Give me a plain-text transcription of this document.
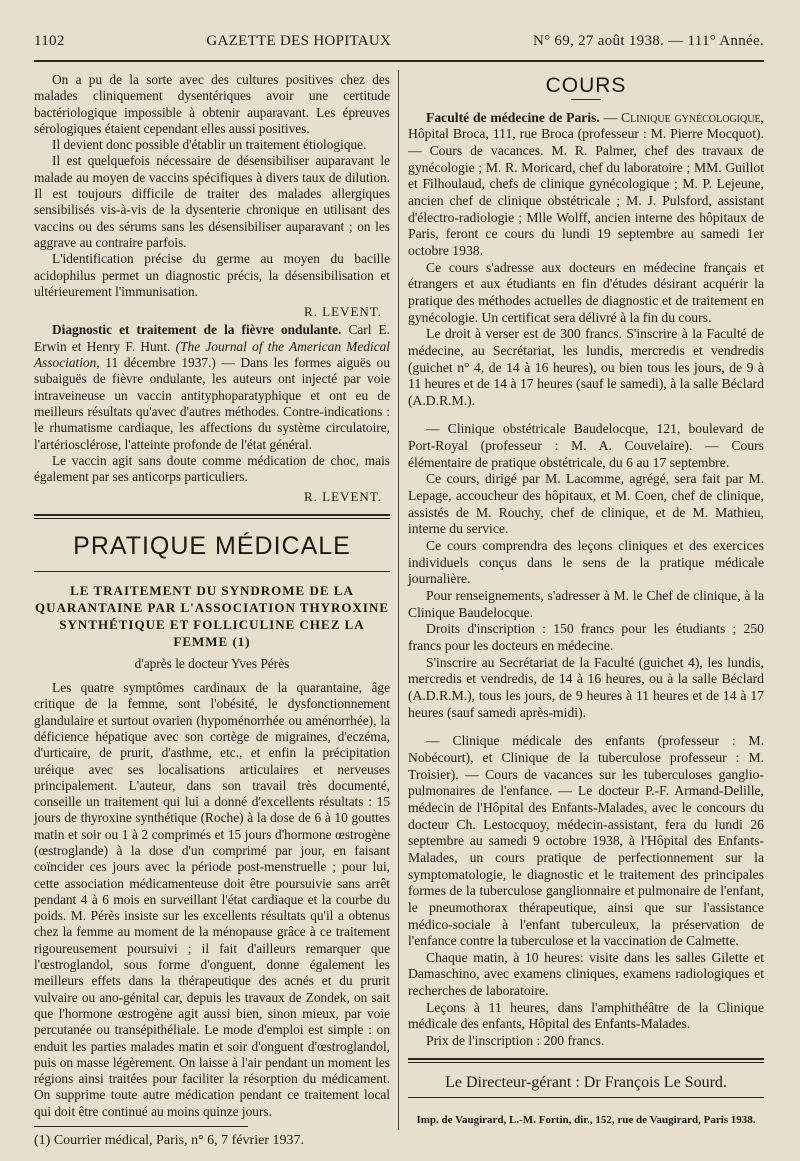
1102	GAZETTE DES HOPITAUX	N° 69, 27 août 1938. — 111° Année.

On a pu de la sorte avec des cultures positives chez des malades cliniquement dysentériques avoir une certitude bactériologique impossible à obtenir auparavant. Les épreuves sérologiques étaient cependant elles aussi positives.

Il devient donc possible d'établir un traitement étiologique.

Il est quelquefois nécessaire de désensibiliser auparavant le malade au moyen de vaccins spécifiques à divers taux de dilution. Il est toujours difficile de traiter des malades allergiques sensibilisés vis-à-vis de la dysenterie chronique en utilisant des vaccins ou des sérums sans les désensibiliser auparavant ; on les aggrave au contraire parfois.

L'identification précise du germe au moyen du bacille acidophilus permet un diagnostic précis, la désensibilisation et ultérieurement l'immunisation.

R. LEVENT.

Diagnostic et traitement de la fièvre ondulante. Carl E. Erwin et Henry F. Hunt. (The Journal of the American Medical Association, 11 décembre 1937.) — Dans les formes aiguës ou subaiguës de fièvre ondulante, les auteurs ont injecté par voie intraveineuse un vaccin antityphoparatyphique et ont eu de meilleurs résultats qu'avec d'autres méthodes. Contre-indications : le rhumatisme cardiaque, les affections du système circulatoire, l'artériosclérose, l'atteinte profonde de l'état général.

Le vaccin agit sans doute comme médication de choc, mais également par ses anticorps particuliers.

R. LEVENT.
PRATIQUE MÉDICALE
LE TRAITEMENT DU SYNDROME DE LA QUARANTAINE PAR L'ASSOCIATION THYROXINE SYNTHÉTIQUE ET FOLLICULINE CHEZ LA FEMME (1)
d'après le docteur Yves Pérès

Les quatre symptômes cardinaux de la quarantaine, âge critique de la femme, sont l'obésité, le dysfonctionnement glandulaire et surtout ovarien (hypoménorrhée ou aménorrhée), la déficience hépatique avec son cortège de migraines, d'eczéma, d'urticaire, de prurit, d'asthme, etc., et enfin la précipitation uréique avec ses localisations articulaires et nerveuses principalement. L'auteur, dans son travail très documenté, conseille un traitement qui lui a donné d'excellents résultats : 15 jours de thyroxine synthétique (Roche) à la dose de 6 à 10 gouttes matin et soir ou 1 à 2 comprimés et 15 jours d'hormone œstrogène (œstroglande) à la dose d'un comprimé par jour, en faisant coïncider ces jours avec la période post-menstruelle ; pour lui, cette association médicamenteuse doit être poursuivie sans arrêt pendant 4 à 6 mois en surveillant l'état cardiaque et la courbe du poids. M. Pérès insiste sur les excellents résultats qu'il a obtenus chez la femme au moment de la ménopause grâce à ce traitement rigoureusement poursuivi ; il fait d'ailleurs remarquer que l'œstroglandol, sous forme d'onguent, donne également les meilleurs effets dans la thérapeutique des acnés et du prurit vulvaire ou ano-génital car, depuis les travaux de Zondek, on sait que l'hormone œstrogène agit aussi bien, sinon mieux, par voie percutanée ou transépithéliale. Le mode d'emploi est simple : on enduit les parties malades matin et soir d'onguent d'œstroglandol, puis on masse légèrement. On laisse à l'air pendant un moment les régions ainsi traitées pour faciliter la résorption du médicament. On supprime toute autre médication pendant ce traitement local qui doit être continué au moins quinze jours.

(1) Courrier médical, Paris, n° 6, 7 février 1937.
COURS

Faculté de médecine de Paris. — Clinique gynécologique, Hôpital Broca, 111, rue Broca (professeur : M. Pierre Mocquot). — Cours de vacances. M. R. Palmer, chef des travaux de gynécologie ; M. R. Moricard, chef du laboratoire ; MM. Guillot et Filhoulaud, chefs de clinique gynécologique ; M. P. Lejeune, ancien chef de clinique obstétricale ; M. J. Pulsford, assistant d'électro-radiologie ; Mlle Wolff, ancien interne des hôpitaux de Paris, feront ce cours du lundi 19 septembre au samedi 1er octobre 1938.

Ce cours s'adresse aux docteurs en médecine français et étrangers et aux étudiants en fin d'études désirant acquérir la pratique des méthodes actuelles de diagnostic et de traitement en gynécologie. Un certificat sera délivré à la fin du cours.

Le droit à verser est de 300 francs. S'inscrire à la Faculté de médecine, au Secrétariat, les lundis, mercredis et vendredis (guichet n° 4, de 14 à 16 heures), ou bien tous les jours, de 9 à 11 heures et de 14 à 17 heures (sauf le samedi), à la salle Béclard (A.D.R.M.).

— Clinique obstétricale Baudelocque, 121, boulevard de Port-Royal (professeur : M. A. Couvelaire). — Cours élémentaire de pratique obstétricale, du 6 au 17 septembre.

Ce cours, dirigé par M. Lacomme, agrégé, sera fait par M. Lepage, accoucheur des hôpitaux, et M. Coen, chef de clinique, assistés de M. Rouchy, chef de clinique, et de M. Mathieu, interne du service.

Ce cours comprendra des leçons cliniques et des exercices individuels conçus dans le sens de la pratique médicale journalière.

Pour renseignements, s'adresser à M. le Chef de clinique, à la Clinique Baudelocque.

Droits d'inscription : 150 francs pour les étudiants ; 250 francs pour les docteurs en médecine.

S'inscrire au Secrétariat de la Faculté (guichet 4), les lundis, mercredis et vendredis, de 14 à 16 heures, ou à la salle Béclard (A.D.R.M.), tous les jours, de 9 heures à 11 heures et de 14 à 17 heures (sauf samedi après-midi).

— Clinique médicale des enfants (professeur : M. Nobécourt), et Clinique de la tuberculose professeur : M. Troisier). — Cours de vacances sur les tuberculoses ganglio-pulmonaires de l'enfance. — Le docteur P.-F. Armand-Delille, médecin de l'Hôpital des Enfants-Malades, avec le concours du docteur Ch. Lestocquoy, médecin-assistant, fera du lundi 26 septembre au samedi 9 octobre 1938, à l'Hôpital des Enfants-Malades, un cours pratique de perfectionnement sur la symptomatologie, le diagnostic et le traitement des principales formes de la tuberculose ganglionnaire et pulmonaire de l'enfant, le pneumothorax thérapeutique, ainsi que sur l'assistance médico-sociale à l'enfant tuberculeux, la préservation de l'enfance contre la tuberculose et la vaccination de Calmette.

Chaque matin, à 10 heures: visite dans les salles Gilette et Damaschino, avec examens cliniques, examens radiologiques et recherches de laboratoire.

Leçons à 11 heures, dans l'amphithéâtre de la Clinique médicale des enfants, Hôpital des Enfants-Malades.

Prix de l'inscription : 200 francs.

Le Directeur-gérant : Dr François Le Sourd.
Imp. de Vaugirard, L.-M. Fortin, dir., 152, rue de Vaugirard, Paris 1938.
